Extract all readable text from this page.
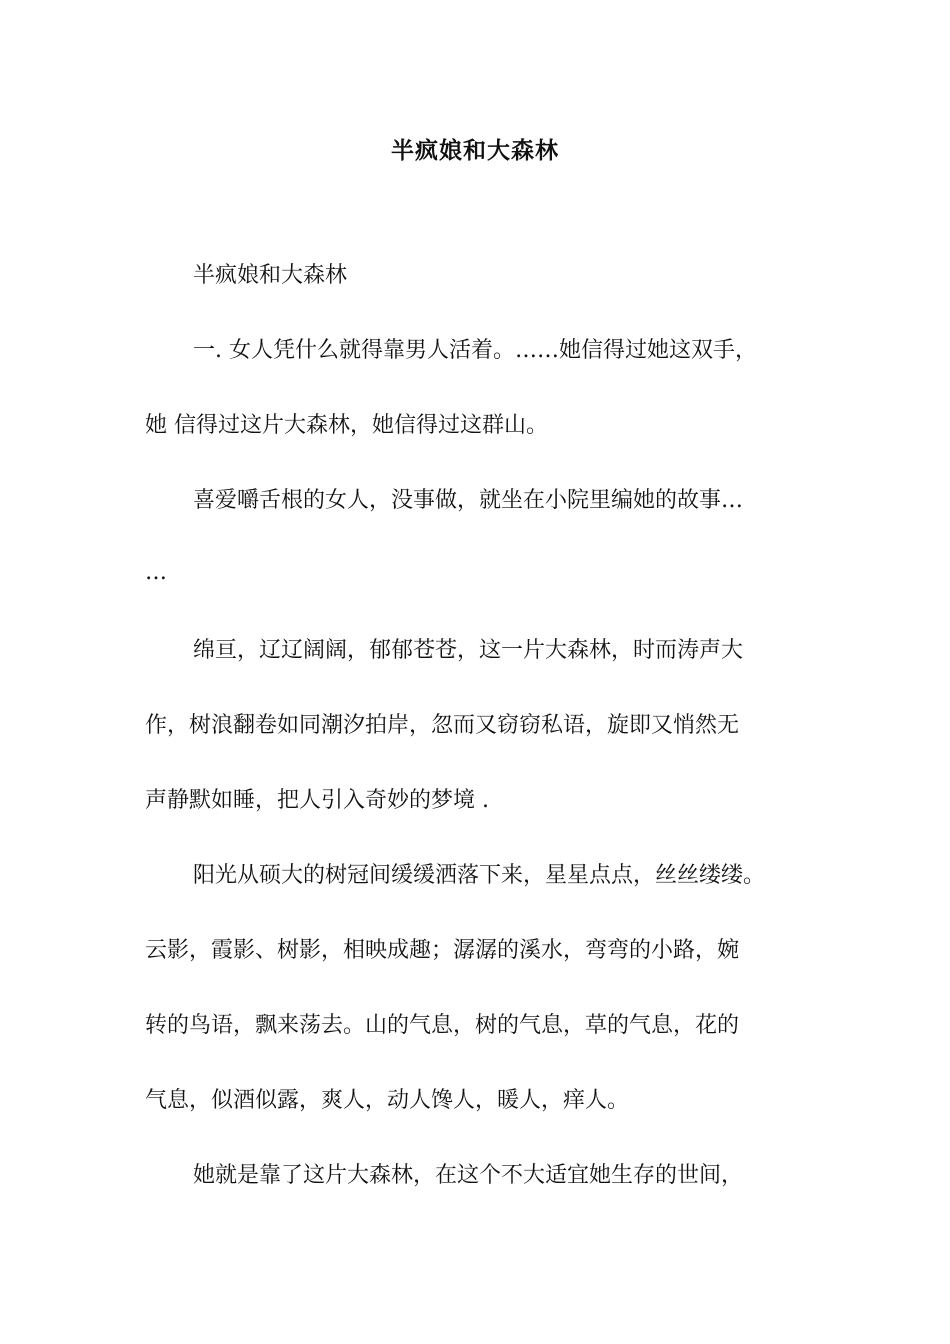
半疯娘和大森林
半疯娘和大森林
一. 女人凭什么就得靠男人活着。……她信得过她这双手，
她 信得过这片大森林，她信得过这群山。
喜爱嚼舌根的女人，没事做，就坐在小院里编她的故事…
…
绵亘，辽辽阔阔，郁郁苍苍，这一片大森林，时而涛声大
作，树浪翻卷如同潮汐拍岸，忽而又窃窃私语，旋即又悄然无
声静默如睡，把人引入奇妙的梦境 .
阳光从硕大的树冠间缓缓洒落下来，星星点点，丝丝缕缕。
云影，霞影、树影，相映成趣；潺潺的溪水，弯弯的小路，婉
转的鸟语，飘来荡去。山的气息，树的气息，草的气息，花的
气息，似酒似露，爽人，动人馋人，暖人，痒人。
她就是靠了这片大森林，在这个不大适宜她生存的世间，
